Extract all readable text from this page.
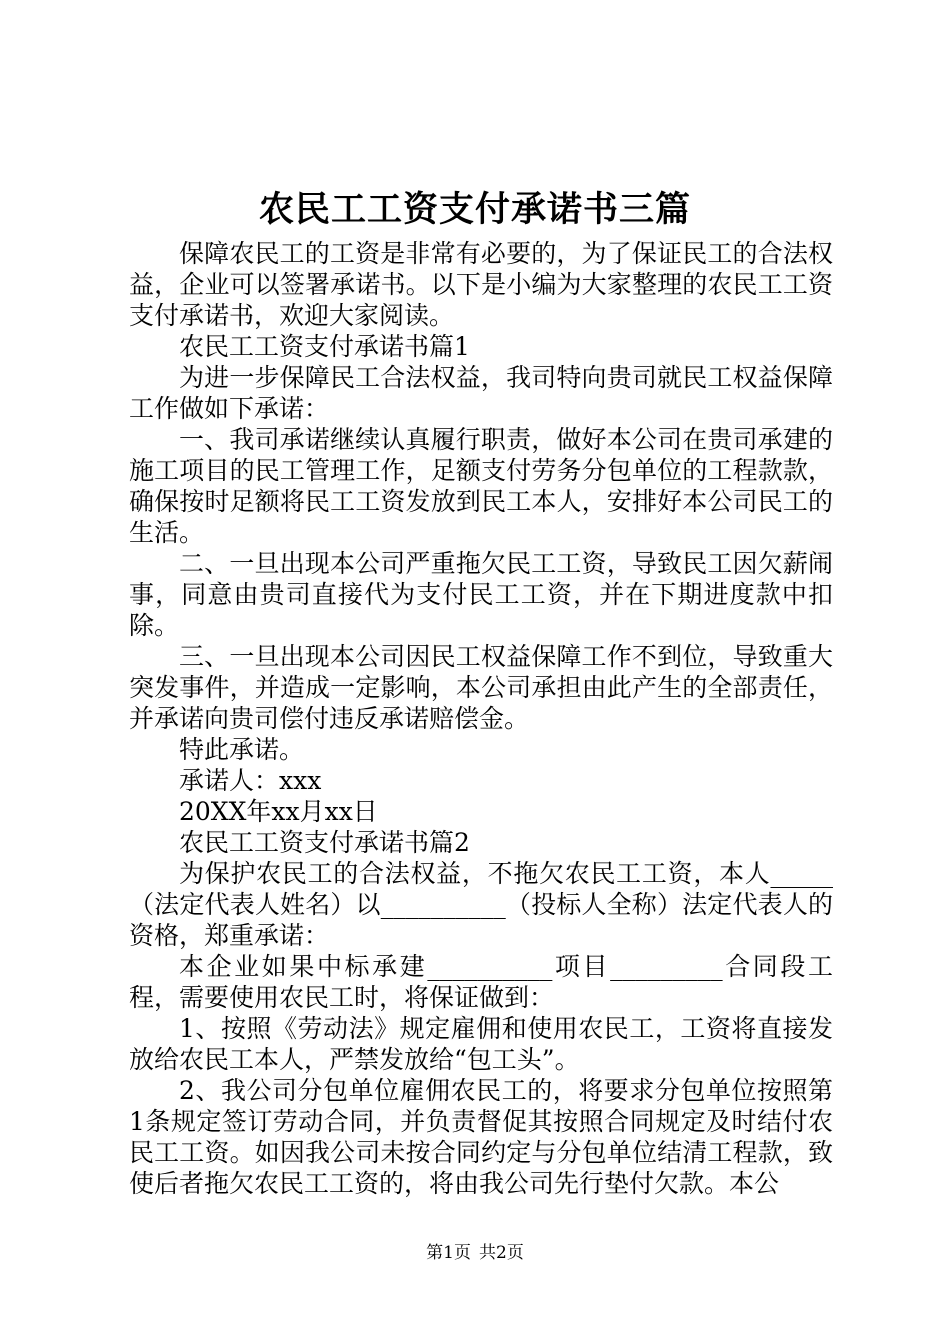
农民工工资支付承诺书三篇

保障农民工的工资是非常有必要的，为了保证民工的合法权益，企业可以签署承诺书。以下是小编为大家整理的农民工工资支付承诺书，欢迎大家阅读。

农民工工资支付承诺书篇1

为进一步保障民工合法权益，我司特向贵司就民工权益保障工作做如下承诺：

一、我司承诺继续认真履行职责，做好本公司在贵司承建的施工项目的民工管理工作，足额支付劳务分包单位的工程款款，确保按时足额将民工工资发放到民工本人，安排好本公司民工的生活。

二、一旦出现本公司严重拖欠民工工资，导致民工因欠薪闹事，同意由贵司直接代为支付民工工资，并在下期进度款中扣除。

三、一旦出现本公司因民工权益保障工作不到位，导致重大突发事件，并造成一定影响，本公司承担由此产生的全部责任，并承诺向贵司偿付违反承诺赔偿金。

特此承诺。

承诺人：xxx

20XX年xx月xx日

农民工工资支付承诺书篇2

为保护农民工的合法权益，不拖欠农民工工资，本人_____（法定代表人姓名）以__________（投标人全称）法定代表人的资格，郑重承诺：

本企业如果中标承建__________项目_________合同段工程，需要使用农民工时，将保证做到：

1、按照《劳动法》规定雇佣和使用农民工，工资将直接发放给农民工本人，严禁发放给“包工头”。

2、我公司分包单位雇佣农民工的，将要求分包单位按照第1条规定签订劳动合同，并负责督促其按照合同规定及时结付农民工工资。如因我公司未按合同约定与分包单位结清工程款，致使后者拖欠农民工工资的，将由我公司先行垫付欠款。本公

第1页 共2页
